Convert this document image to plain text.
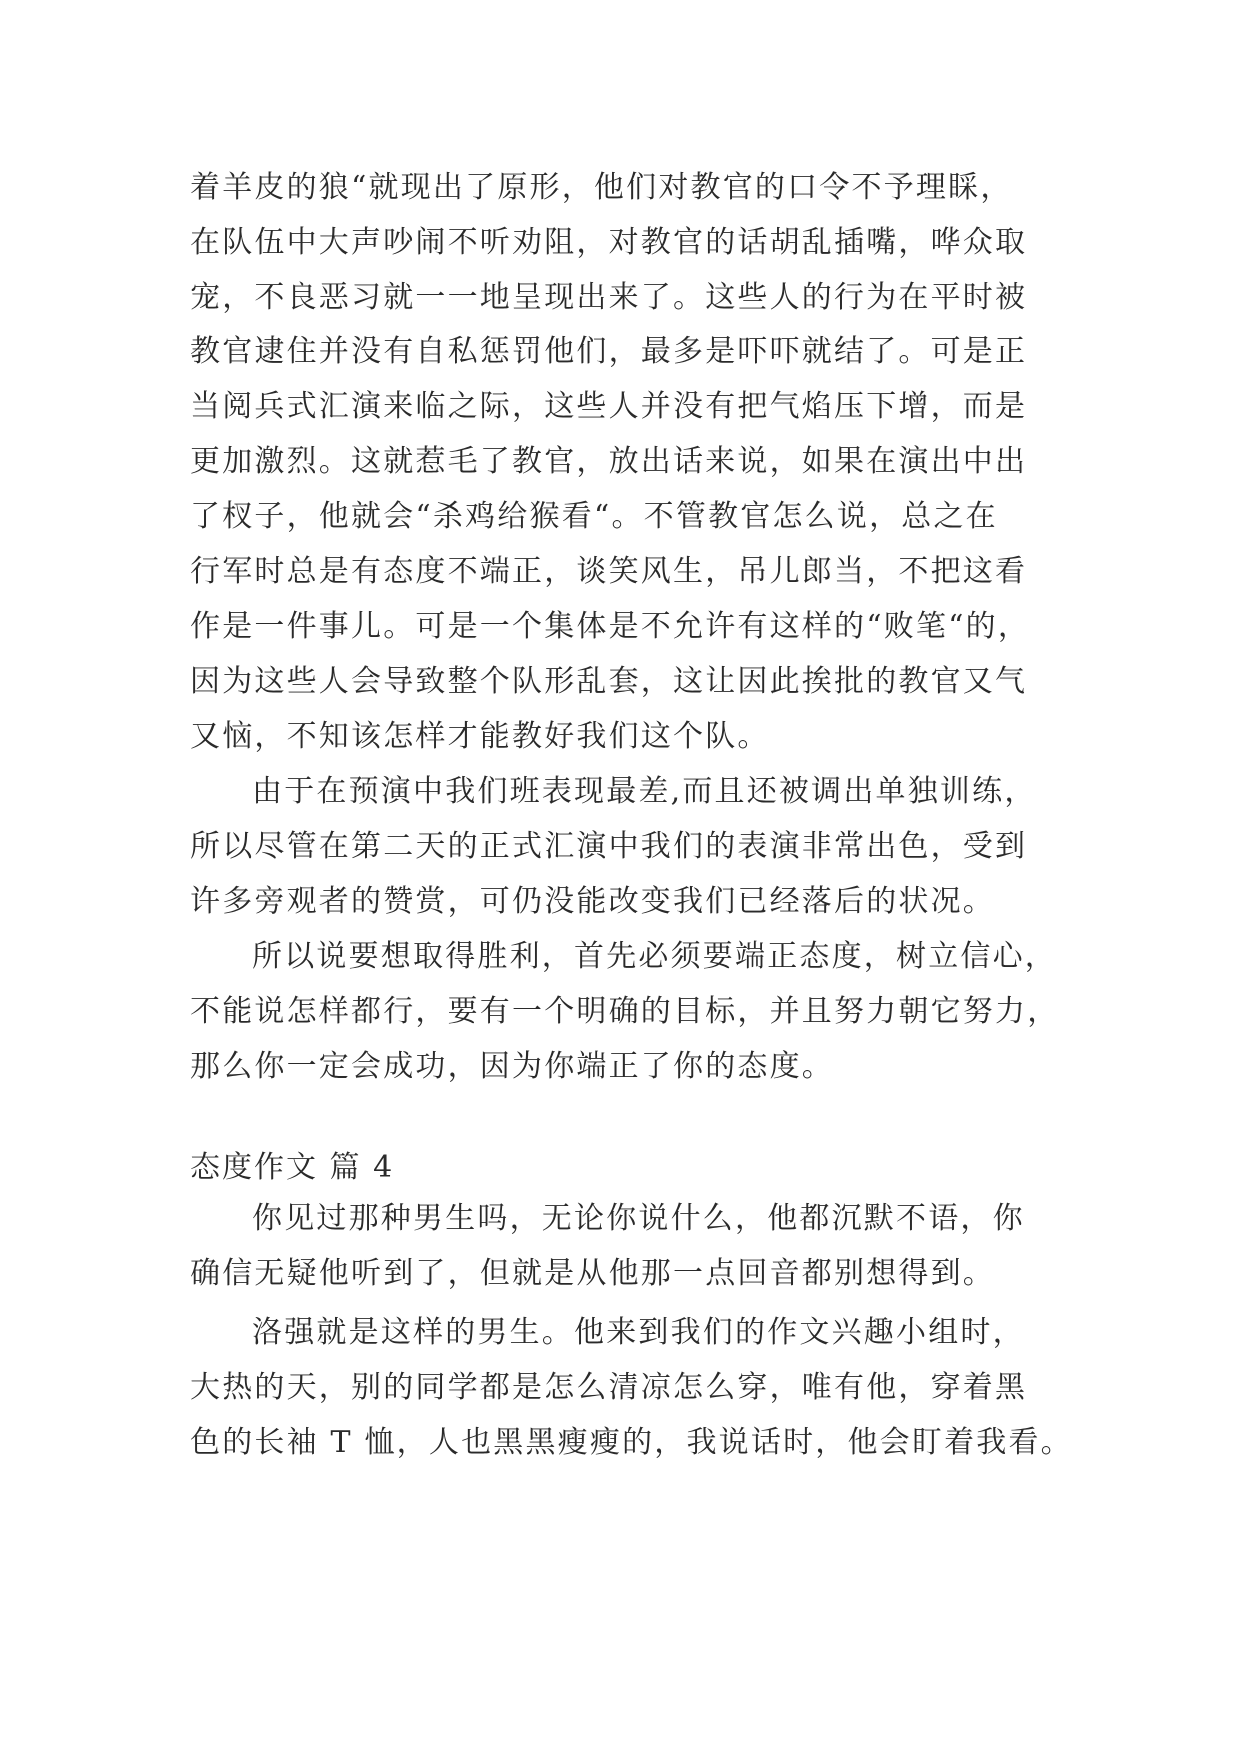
着羊皮的狼“就现出了原形，他们对教官的口令不予理睬，
在队伍中大声吵闹不听劝阻，对教官的话胡乱插嘴，哗众取
宠，不良恶习就一一地呈现出来了。这些人的行为在平时被
教官逮住并没有自私惩罚他们，最多是吓吓就结了。可是正
当阅兵式汇演来临之际，这些人并没有把气焰压下增，而是
更加激烈。这就惹毛了教官，放出话来说，如果在演出中出
了杈子，他就会“杀鸡给猴看“。不管教官怎么说，总之在
行军时总是有态度不端正，谈笑风生，吊儿郎当，不把这看
作是一件事儿。可是一个集体是不允许有这样的“败笔“的，
因为这些人会导致整个队形乱套，这让因此挨批的教官又气
又恼，不知该怎样才能教好我们这个队。
由于在预演中我们班表现最差,而且还被调出单独训练，
所以尽管在第二天的正式汇演中我们的表演非常出色，受到
许多旁观者的赞赏，可仍没能改变我们已经落后的状况。
所以说要想取得胜利，首先必须要端正态度，树立信心，
不能说怎样都行，要有一个明确的目标，并且努力朝它努力，
那么你一定会成功，因为你端正了你的态度。
态度作文 篇 4
你见过那种男生吗，无论你说什么，他都沉默不语，你
确信无疑他听到了，但就是从他那一点回音都别想得到。
洛强就是这样的男生。他来到我们的作文兴趣小组时，
大热的天，别的同学都是怎么清凉怎么穿，唯有他，穿着黑
色的长袖 T 恤，人也黑黑瘦瘦的，我说话时，他会盯着我看。
